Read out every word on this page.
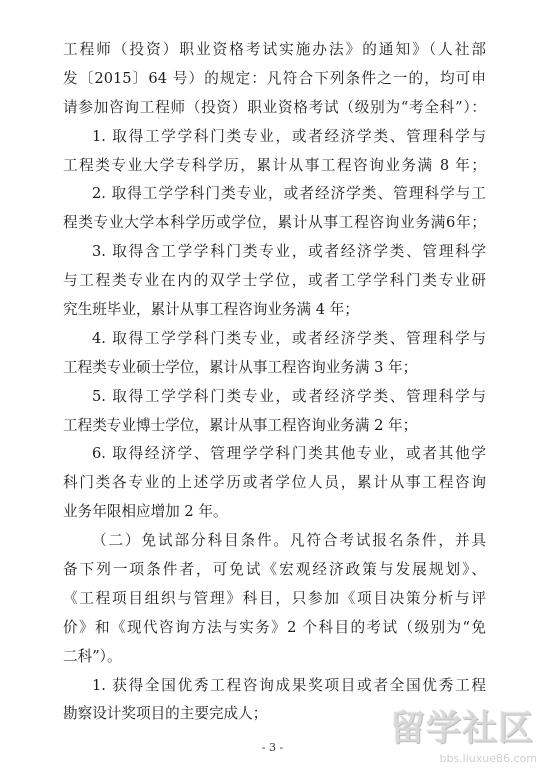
工程师（投资）职业资格考试实施办法》的通知》（人社部
发〔2015〕64 号）的规定：凡符合下列条件之一的，均可申
请参加咨询工程师（投资）职业资格考试（级别为“考全科”）：
1. 取得工学学科门类专业，或者经济学类、管理科学与
工程类专业大学专科学历，累计从事工程咨询业务满 8 年；
2. 取得工学学科门类专业，或者经济学类、管理科学与工
程类专业大学本科学历或学位，累计从事工程咨询业务满6年；
3. 取得含工学学科门类专业，或者经济学类、管理科学
与工程类专业在内的双学士学位，或者工学学科门类专业研
究生班毕业，累计从事工程咨询业务满 4 年；
4. 取得工学学科门类专业，或者经济学类、管理科学与
工程类专业硕士学位，累计从事工程咨询业务满 3 年；
5. 取得工学学科门类专业，或者经济学类、管理科学与
工程类专业博士学位，累计从事工程咨询业务满 2 年；
6. 取得经济学、管理学学科门类其他专业，或者其他学
科门类各专业的上述学历或者学位人员，累计从事工程咨询
业务年限相应增加 2 年。
（二）免试部分科目条件。凡符合考试报名条件，并具
备下列一项条件者，可免试《宏观经济政策与发展规划》、
《工程项目组织与管理》科目，只参加《项目决策分析与评
价》和《现代咨询方法与实务》2 个科目的考试（级别为“免
二科”）。
1. 获得全国优秀工程咨询成果奖项目或者全国优秀工程
勘察设计奖项目的主要完成人；
- 3 -	留学社区
bbs.liuxue86.com
